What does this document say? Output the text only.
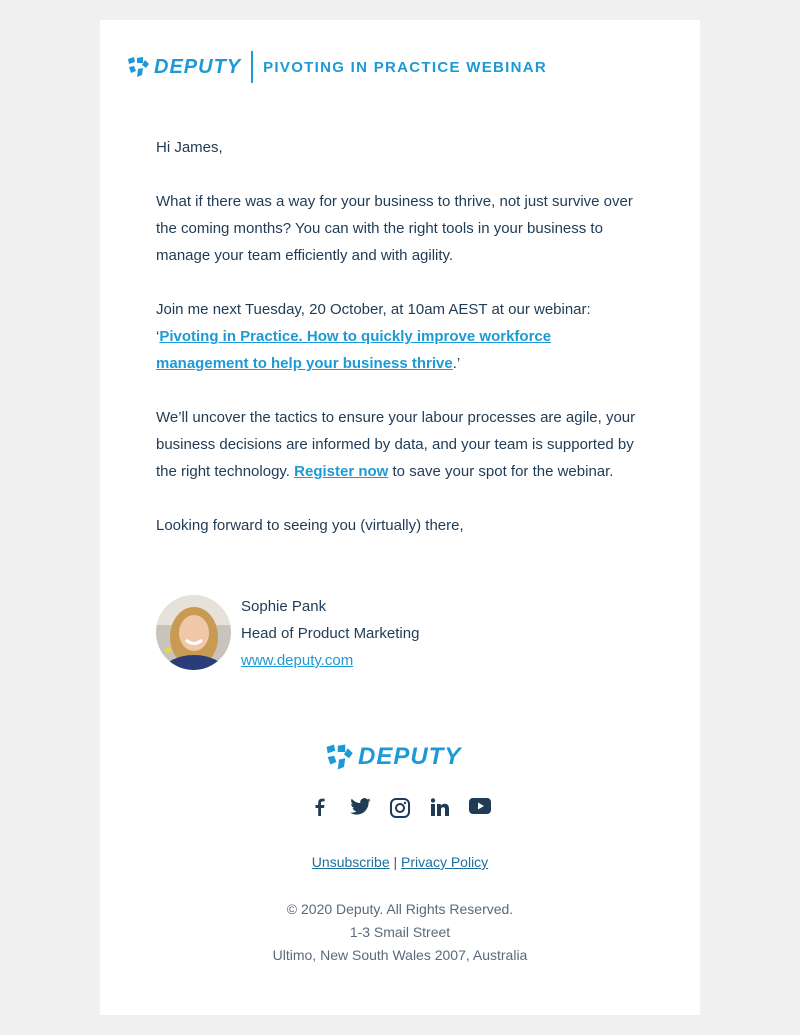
DEPUTY PIVOTING IN PRACTICE WEBINAR

Hi James,

What if there was a way for your business to thrive, not just survive over the coming months? You can with the right tools in your business to manage your team efficiently and with agility.

Join me next Tuesday, 20 October, at 10am AEST at our webinar: ‘Pivoting in Practice. How to quickly improve workforce management to help your business thrive.’

We’ll uncover the tactics to ensure your labour processes are agile, your business decisions are informed by data, and your team is supported by the right technology. Register now to save your spot for the webinar.

Looking forward to seeing you (virtually) there,

Sophie Pank
Head of Product Marketing
www.deputy.com
DEPUTY
Unsubscribe | Privacy Policy
© 2020 Deputy. All Rights Reserved.
1-3 Smail Street
Ultimo, New South Wales 2007, Australia
